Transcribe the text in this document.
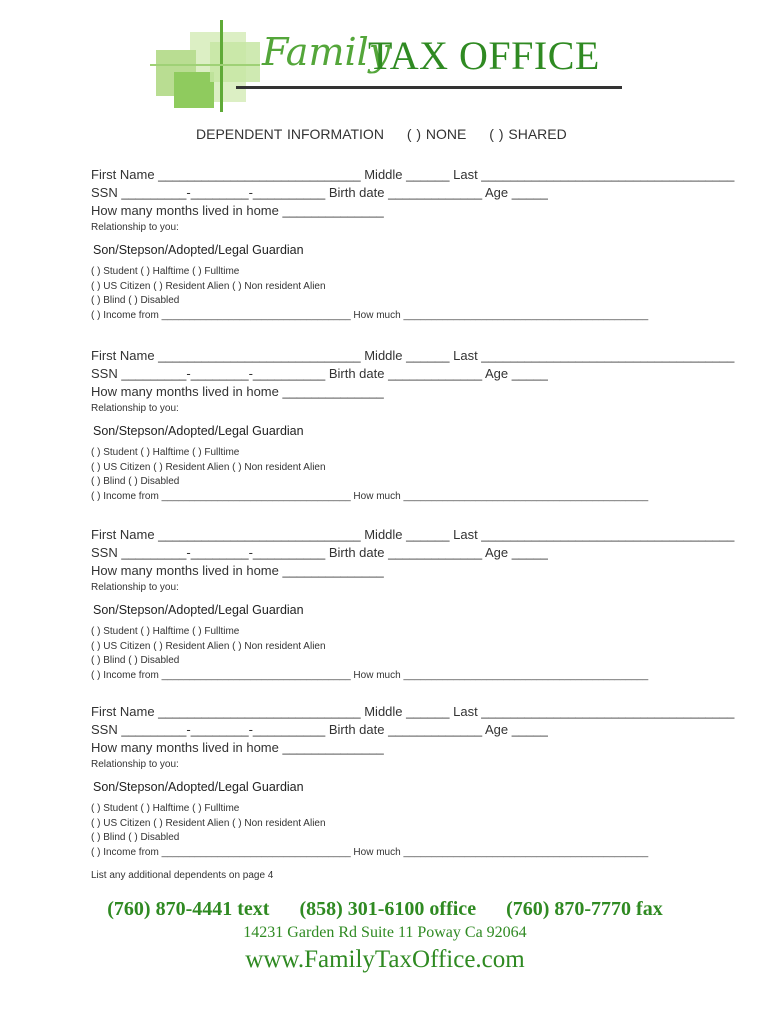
Family
TAX OFFICE
DEPENDENT INFORMATION ( ) NONE ( ) SHARED
First Name ____________________________ Middle ______ Last ___________________________________
SSN _________-________-__________ Birth date _____________ Age _____
How many months lived in home ______________
Relationship to you:
Son/Stepson/Adopted/Legal Guardian
( ) Student ( ) Halftime ( ) Fulltime
( ) US Citizen ( ) Resident Alien ( ) Non resident Alien
( ) Blind ( ) Disabled
( ) Income from __________________________________ How much ____________________________________________
First Name ____________________________ Middle ______ Last ___________________________________
SSN _________-________-__________ Birth date _____________ Age _____
How many months lived in home ______________
Relationship to you:
Son/Stepson/Adopted/Legal Guardian
( ) Student ( ) Halftime ( ) Fulltime
( ) US Citizen ( ) Resident Alien ( ) Non resident Alien
( ) Blind ( ) Disabled
( ) Income from __________________________________ How much ____________________________________________
First Name ____________________________ Middle ______ Last ___________________________________
SSN _________-________-__________ Birth date _____________ Age _____
How many months lived in home ______________
Relationship to you:
Son/Stepson/Adopted/Legal Guardian
( ) Student ( ) Halftime ( ) Fulltime
( ) US Citizen ( ) Resident Alien ( ) Non resident Alien
( ) Blind ( ) Disabled
( ) Income from __________________________________ How much ____________________________________________
First Name ____________________________ Middle ______ Last ___________________________________
SSN _________-________-__________ Birth date _____________ Age _____
How many months lived in home ______________
Relationship to you:
Son/Stepson/Adopted/Legal Guardian
( ) Student ( ) Halftime ( ) Fulltime
( ) US Citizen ( ) Resident Alien ( ) Non resident Alien
( ) Blind ( ) Disabled
( ) Income from __________________________________ How much ____________________________________________
List any additional dependents on page 4
(760) 870-4441 text (858) 301-6100 office (760) 870-7770 fax
14231 Garden Rd Suite 11 Poway Ca 92064
www.FamilyTaxOffice.com
